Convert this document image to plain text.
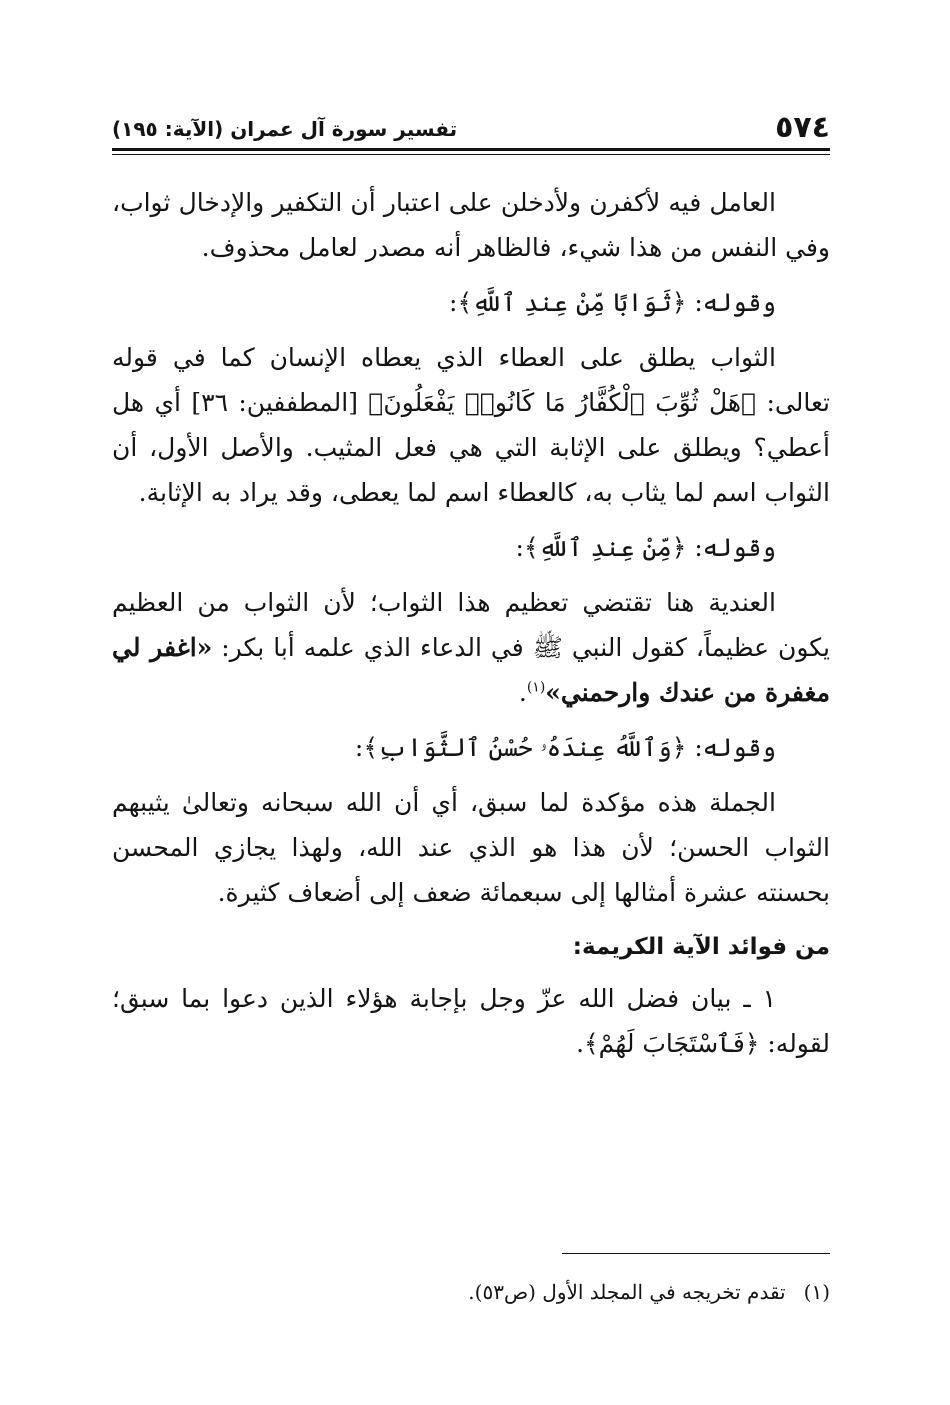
٥٧٤
تفسير سورة آل عمران (الآية: ١٩٥)

العامل فيه لأكفرن ولأدخلن على اعتبار أن التكفير والإدخال ثواب، وفي النفس من هذا شيء، فالظاهر أنه مصدر لعامل محذوف.

وقوله: ﴿ثَوَابًا مِّنْ عِندِ ٱللَّهِ﴾:

الثواب يطلق على العطاء الذي يعطاه الإنسان كما في قوله تعالى: ﴿هَلْ ثُوِّبَ ٱلْكُفَّارُ مَا كَانُوا۟ يَفْعَلُونَ﴾ [المطففين: ٣٦] أي هل أعطي؟ ويطلق على الإثابة التي هي فعل المثيب. والأصل الأول، أن الثواب اسم لما يثاب به، كالعطاء اسم لما يعطى، وقد يراد به الإثابة.

وقوله: ﴿مِّنْ عِندِ ٱللَّهِ﴾:

العندية هنا تقتضي تعظيم هذا الثواب؛ لأن الثواب من العظيم يكون عظيماً، كقول النبي ﷺ في الدعاء الذي علمه أبا بكر: «اغفر لي مغفرة من عندك وارحمني»$^{(١)}$.

وقوله: ﴿وَٱللَّهُ عِندَهُۥ حُسْنُ ٱلثَّوَابِ﴾:

الجملة هذه مؤكدة لما سبق، أي أن الله سبحانه وتعالىٰ يثيبهم الثواب الحسن؛ لأن هذا هو الذي عند الله، ولهذا يجازي المحسن بحسنته عشرة أمثالها إلى سبعمائة ضعف إلى أضعاف كثيرة.

من فوائد الآية الكريمة:

١ ـ بيان فضل الله عزّ وجل بإجابة هؤلاء الذين دعوا بما سبق؛ لقوله: ﴿فَٱسْتَجَابَ لَهُمْ﴾.

(١)تقدم تخريجه في المجلد الأول (ص٥٣).
